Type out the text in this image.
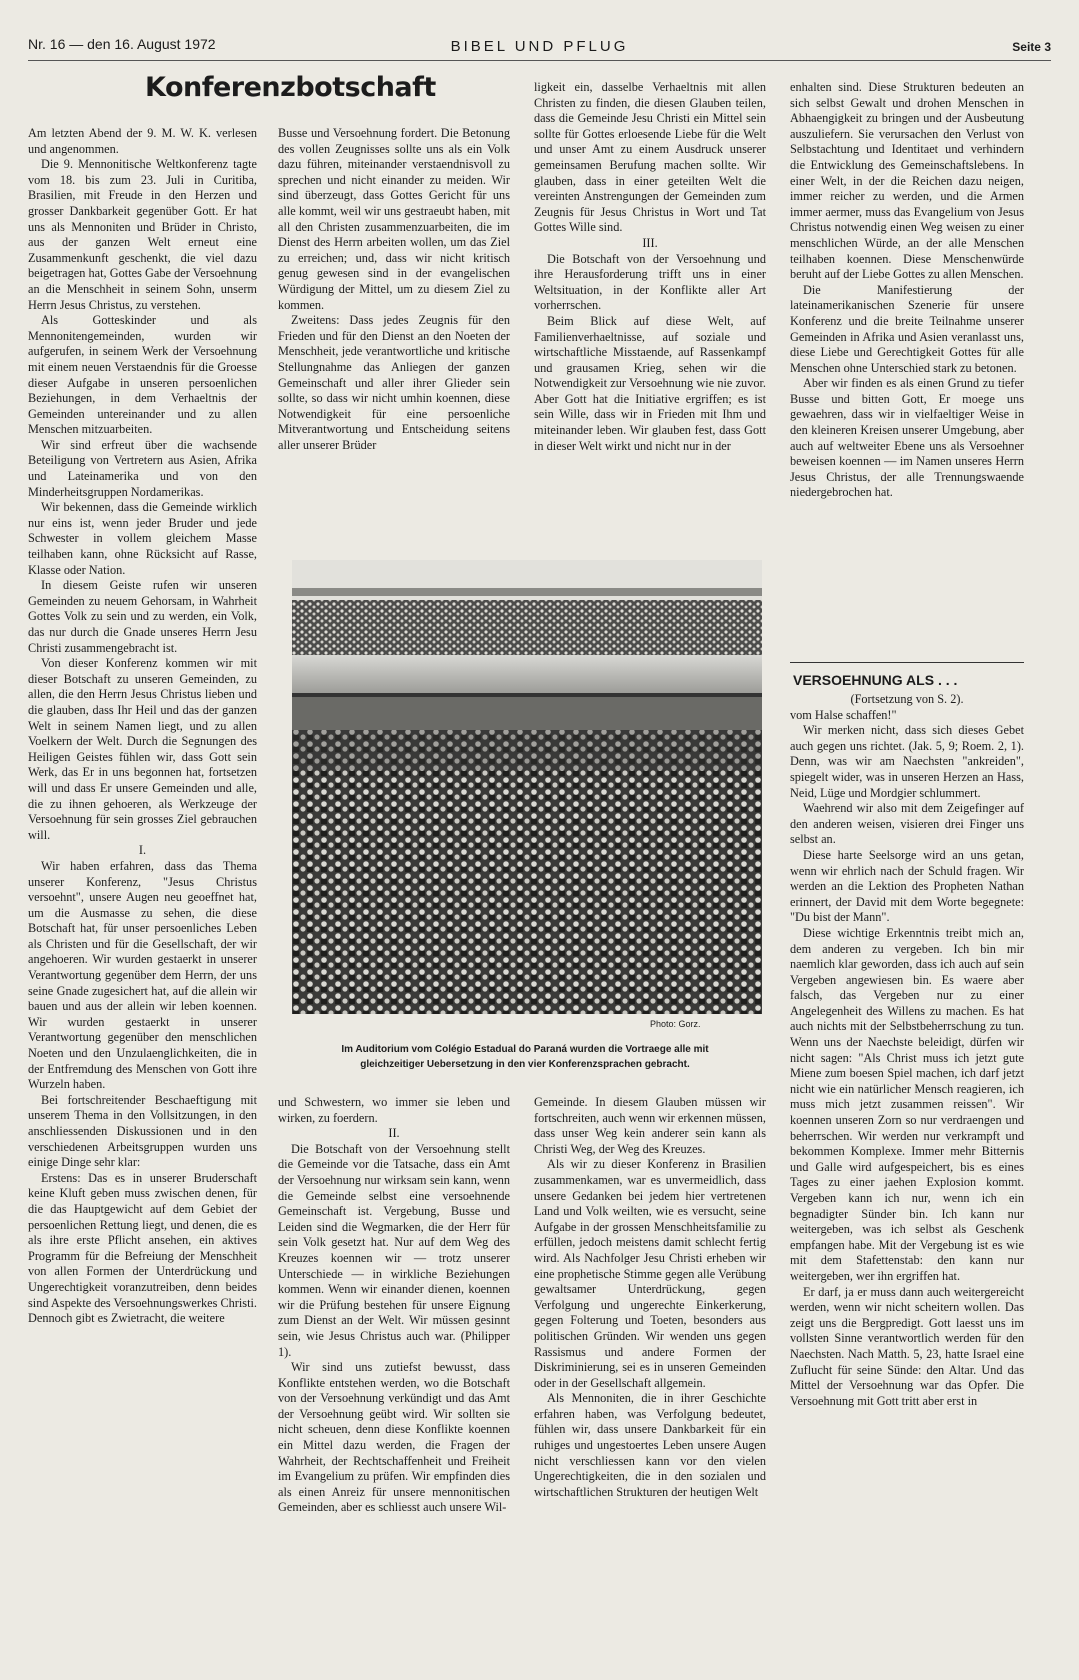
Nr. 16 — den 16. August 1972	BIBEL UND PFLUG	Seite 3
Konferenzbotschaft

Am letzten Abend der 9. M. W. K. verlesen und angenommen.

Die 9. Mennonitische Weltkonferenz tagte vom 18. bis zum 23. Juli in Curitiba, Brasilien, mit Freude in den Herzen und grosser Dankbarkeit gegenüber Gott. Er hat uns als Mennoniten und Brüder in Christo, aus der ganzen Welt erneut eine Zusammenkunft geschenkt, die viel dazu beigetragen hat, Gottes Gabe der Versoehnung an die Menschheit in seinem Sohn, unserm Herrn Jesus Christus, zu verstehen.

Als Gotteskinder und als Mennonitengemeinden, wurden wir aufgerufen, in seinem Werk der Versoehnung mit einem neuen Verstaendnis für die Groesse dieser Aufgabe in unseren persoenlichen Beziehungen, in dem Verhaeltnis der Gemeinden untereinander und zu allen Menschen mitzuarbeiten.

Wir sind erfreut über die wachsende Beteiligung von Vertretern aus Asien, Afrika und Lateinamerika und von den Minderheitsgruppen Nordamerikas.

Wir bekennen, dass die Gemeinde wirklich nur eins ist, wenn jeder Bruder und jede Schwester in vollem gleichem Masse teilhaben kann, ohne Rücksicht auf Rasse, Klasse oder Nation.

In diesem Geiste rufen wir unseren Gemeinden zu neuem Gehorsam, in Wahrheit Gottes Volk zu sein und zu werden, ein Volk, das nur durch die Gnade unseres Herrn Jesu Christi zusammengebracht ist.

Von dieser Konferenz kommen wir mit dieser Botschaft zu unseren Gemeinden, zu allen, die den Herrn Jesus Christus lieben und die glauben, dass Ihr Heil und das der ganzen Welt in seinem Namen liegt, und zu allen Voelkern der Welt. Durch die Segnungen des Heiligen Geistes fühlen wir, dass Gott sein Werk, das Er in uns begonnen hat, fortsetzen will und dass Er unsere Gemeinden und alle, die zu ihnen gehoeren, als Werkzeuge der Versoehnung für sein grosses Ziel gebrauchen will.

I.

Wir haben erfahren, dass das Thema unserer Konferenz, "Jesus Christus versoehnt", unsere Augen neu geoeffnet hat, um die Ausmasse zu sehen, die diese Botschaft hat, für unser persoenliches Leben als Christen und für die Gesellschaft, der wir angehoeren. Wir wurden gestaerkt in unserer Verantwortung gegenüber dem Herrn, der uns seine Gnade zugesichert hat, auf die allein wir bauen und aus der allein wir leben koennen. Wir wurden gestaerkt in unserer Verantwortung gegenüber den menschlichen Noeten und den Unzulaenglichkeiten, die in der Entfremdung des Menschen von Gott ihre Wurzeln haben.

Bei fortschreitender Beschaeftigung mit unserem Thema in den Vollsitzungen, in den anschliessenden Diskussionen und in den verschiedenen Arbeitsgruppen wurden uns einige Dinge sehr klar:

Erstens: Das es in unserer Bruderschaft keine Kluft geben muss zwischen denen, für die das Hauptgewicht auf dem Gebiet der persoenlichen Rettung liegt, und denen, die es als ihre erste Pflicht ansehen, ein aktives Programm für die Befreiung der Menschheit von allen Formen der Unterdrückung und Ungerechtigkeit voranzutreiben, denn beides sind Aspekte des Versoehnungswerkes Christi. Dennoch gibt es Zwietracht, die weitere

Busse und Versoehnung fordert. Die Betonung des vollen Zeugnisses sollte uns als ein Volk dazu führen, miteinander verstaendnisvoll zu sprechen und nicht einander zu meiden. Wir sind überzeugt, dass Gottes Gericht für uns alle kommt, weil wir uns gestraeubt haben, mit all den Christen zusammenzuarbeiten, die im Dienst des Herrn arbeiten wollen, um das Ziel zu erreichen; und, dass wir nicht kritisch genug gewesen sind in der evangelischen Würdigung der Mittel, um zu diesem Ziel zu kommen.

Zweitens: Dass jedes Zeugnis für den Frieden und für den Dienst an den Noeten der Menschheit, jede verantwortliche und kritische Stellungnahme das Anliegen der ganzen Gemeinschaft und aller ihrer Glieder sein sollte, so dass wir nicht umhin koennen, diese Notwendigkeit für eine persoenliche Mitverantwortung und Entscheidung seitens aller unserer Brüder

ligkeit ein, dasselbe Verhaeltnis mit allen Christen zu finden, die diesen Glauben teilen, dass die Gemeinde Jesu Christi ein Mittel sein sollte für Gottes erloesende Liebe für die Welt und unser Amt zu einem Ausdruck unserer gemeinsamen Berufung machen sollte. Wir glauben, dass in einer geteilten Welt die vereinten Anstrengungen der Gemeinden zum Zeugnis für Jesus Christus in Wort und Tat Gottes Wille sind.

III.

Die Botschaft von der Versoehnung und ihre Herausforderung trifft uns in einer Weltsituation, in der Konflikte aller Art vorherrschen.

Beim Blick auf diese Welt, auf Familienverhaeltnisse, auf soziale und wirtschaftliche Misstaende, auf Rassenkampf und grausamen Krieg, sehen wir die Notwendigkeit zur Versoehnung wie nie zuvor. Aber Gott hat die Initiative ergriffen; es ist sein Wille, dass wir in Frieden mit Ihm und miteinander leben. Wir glauben fest, dass Gott in dieser Welt wirkt und nicht nur in der

enhalten sind. Diese Strukturen bedeuten an sich selbst Gewalt und drohen Menschen in Abhaengigkeit zu bringen und der Ausbeutung auszuliefern. Sie verursachen den Verlust von Selbstachtung und Identitaet und verhindern die Entwicklung des Gemeinschaftslebens. In einer Welt, in der die Reichen dazu neigen, immer reicher zu werden, und die Armen immer aermer, muss das Evangelium von Jesus Christus notwendig einen Weg weisen zu einer menschlichen Würde, an der alle Menschen teilhaben koennen. Diese Menschenwürde beruht auf der Liebe Gottes zu allen Menschen.

Die Manifestierung der lateinamerikanischen Szenerie für unsere Konferenz und die breite Teilnahme unserer Gemeinden in Afrika und Asien veranlasst uns, diese Liebe und Gerechtigkeit Gottes für alle Menschen ohne Unterschied stark zu betonen.

Aber wir finden es als einen Grund zu tiefer Busse und bitten Gott, Er moege uns gewaehren, dass wir in vielfaeltiger Weise in den kleineren Kreisen unserer Umgebung, aber auch auf weltweiter Ebene uns als Versoehner beweisen koennen — im Namen unseres Herrn Jesus Christus, der alle Trennungswaende niedergebrochen hat.

Photo: Gorz.
Im Auditorium vom Colégio Estadual do Paraná wurden die Vortraege alle mit gleichzeitiger Uebersetzung in den vier Konferenzsprachen gebracht.

und Schwestern, wo immer sie leben und wirken, zu foerdern.

II.

Die Botschaft von der Versoehnung stellt die Gemeinde vor die Tatsache, dass ein Amt der Versoehnung nur wirksam sein kann, wenn die Gemeinde selbst eine versoehnende Gemeinschaft ist. Vergebung, Busse und Leiden sind die Wegmarken, die der Herr für sein Volk gesetzt hat. Nur auf dem Weg des Kreuzes koennen wir — trotz unserer Unterschiede — in wirkliche Beziehungen kommen. Wenn wir einander dienen, koennen wir die Prüfung bestehen für unsere Eignung zum Dienst an der Welt. Wir müssen gesinnt sein, wie Jesus Christus auch war. (Philipper 1).

Wir sind uns zutiefst bewusst, dass Konflikte entstehen werden, wo die Botschaft von der Versoehnung verkündigt und das Amt der Versoehnung geübt wird. Wir sollten sie nicht scheuen, denn diese Konflikte koennen ein Mittel dazu werden, die Fragen der Wahrheit, der Rechtschaffenheit und Freiheit im Evangelium zu prüfen. Wir empfinden dies als einen Anreiz für unsere mennonitischen Gemeinden, aber es schliesst auch unsere Wil-

Gemeinde. In diesem Glauben müssen wir fortschreiten, auch wenn wir erkennen müssen, dass unser Weg kein anderer sein kann als Christi Weg, der Weg des Kreuzes.

Als wir zu dieser Konferenz in Brasilien zusammenkamen, war es unvermeidlich, dass unsere Gedanken bei jedem hier vertretenen Land und Volk weilten, wie es versucht, seine Aufgabe in der grossen Menschheitsfamilie zu erfüllen, jedoch meistens damit schlecht fertig wird. Als Nachfolger Jesu Christi erheben wir eine prophetische Stimme gegen alle Verübung gewaltsamer Unterdrückung, gegen Verfolgung und ungerechte Einkerkerung, gegen Folterung und Toeten, besonders aus politischen Gründen. Wir wenden uns gegen Rassismus und andere Formen der Diskriminierung, sei es in unseren Gemeinden oder in der Gesellschaft allgemein.

Als Mennoniten, die in ihrer Geschichte erfahren haben, was Verfolgung bedeutet, fühlen wir, dass unsere Dankbarkeit für ein ruhiges und ungestoertes Leben unsere Augen nicht verschliessen kann vor den vielen Ungerechtigkeiten, die in den sozialen und wirtschaftlichen Strukturen der heutigen Welt

VERSOEHNUNG ALS . . .

(Fortsetzung von S. 2).

vom Halse schaffen!"

Wir merken nicht, dass sich dieses Gebet auch gegen uns richtet. (Jak. 5, 9; Roem. 2, 1). Denn, was wir am Naechsten "ankreiden", spiegelt wider, was in unseren Herzen an Hass, Neid, Lüge und Mordgier schlummert.

Waehrend wir also mit dem Zeigefinger auf den anderen weisen, visieren drei Finger uns selbst an.

Diese harte Seelsorge wird an uns getan, wenn wir ehrlich nach der Schuld fragen. Wir werden an die Lektion des Propheten Nathan erinnert, der David mit dem Worte begegnete: "Du bist der Mann".

Diese wichtige Erkenntnis treibt mich an, dem anderen zu vergeben. Ich bin mir naemlich klar geworden, dass ich auch auf sein Vergeben angewiesen bin. Es waere aber falsch, das Vergeben nur zu einer Angelegenheit des Willens zu machen. Es hat auch nichts mit der Selbstbeherrschung zu tun. Wenn uns der Naechste beleidigt, dürfen wir nicht sagen: "Als Christ muss ich jetzt gute Miene zum boesen Spiel machen, ich darf jetzt nicht wie ein natürlicher Mensch reagieren, ich muss mich jetzt zusammen reissen". Wir koennen unseren Zorn so nur verdraengen und beherrschen. Wir werden nur verkrampft und bekommen Komplexe. Immer mehr Bitternis und Galle wird aufgespeichert, bis es eines Tages zu einer jaehen Explosion kommt. Vergeben kann ich nur, wenn ich ein begnadigter Sünder bin. Ich kann nur weitergeben, was ich selbst als Geschenk empfangen habe. Mit der Vergebung ist es wie mit dem Stafettenstab: den kann nur weitergeben, wer ihn ergriffen hat.

Er darf, ja er muss dann auch weitergereicht werden, wenn wir nicht scheitern wollen. Das zeigt uns die Bergpredigt. Gott laesst uns im vollsten Sinne verantwortlich werden für den Naechsten. Nach Matth. 5, 23, hatte Israel eine Zuflucht für seine Sünde: den Altar. Und das Mittel der Versoehnung war das Opfer. Die Versoehnung mit Gott tritt aber erst in
